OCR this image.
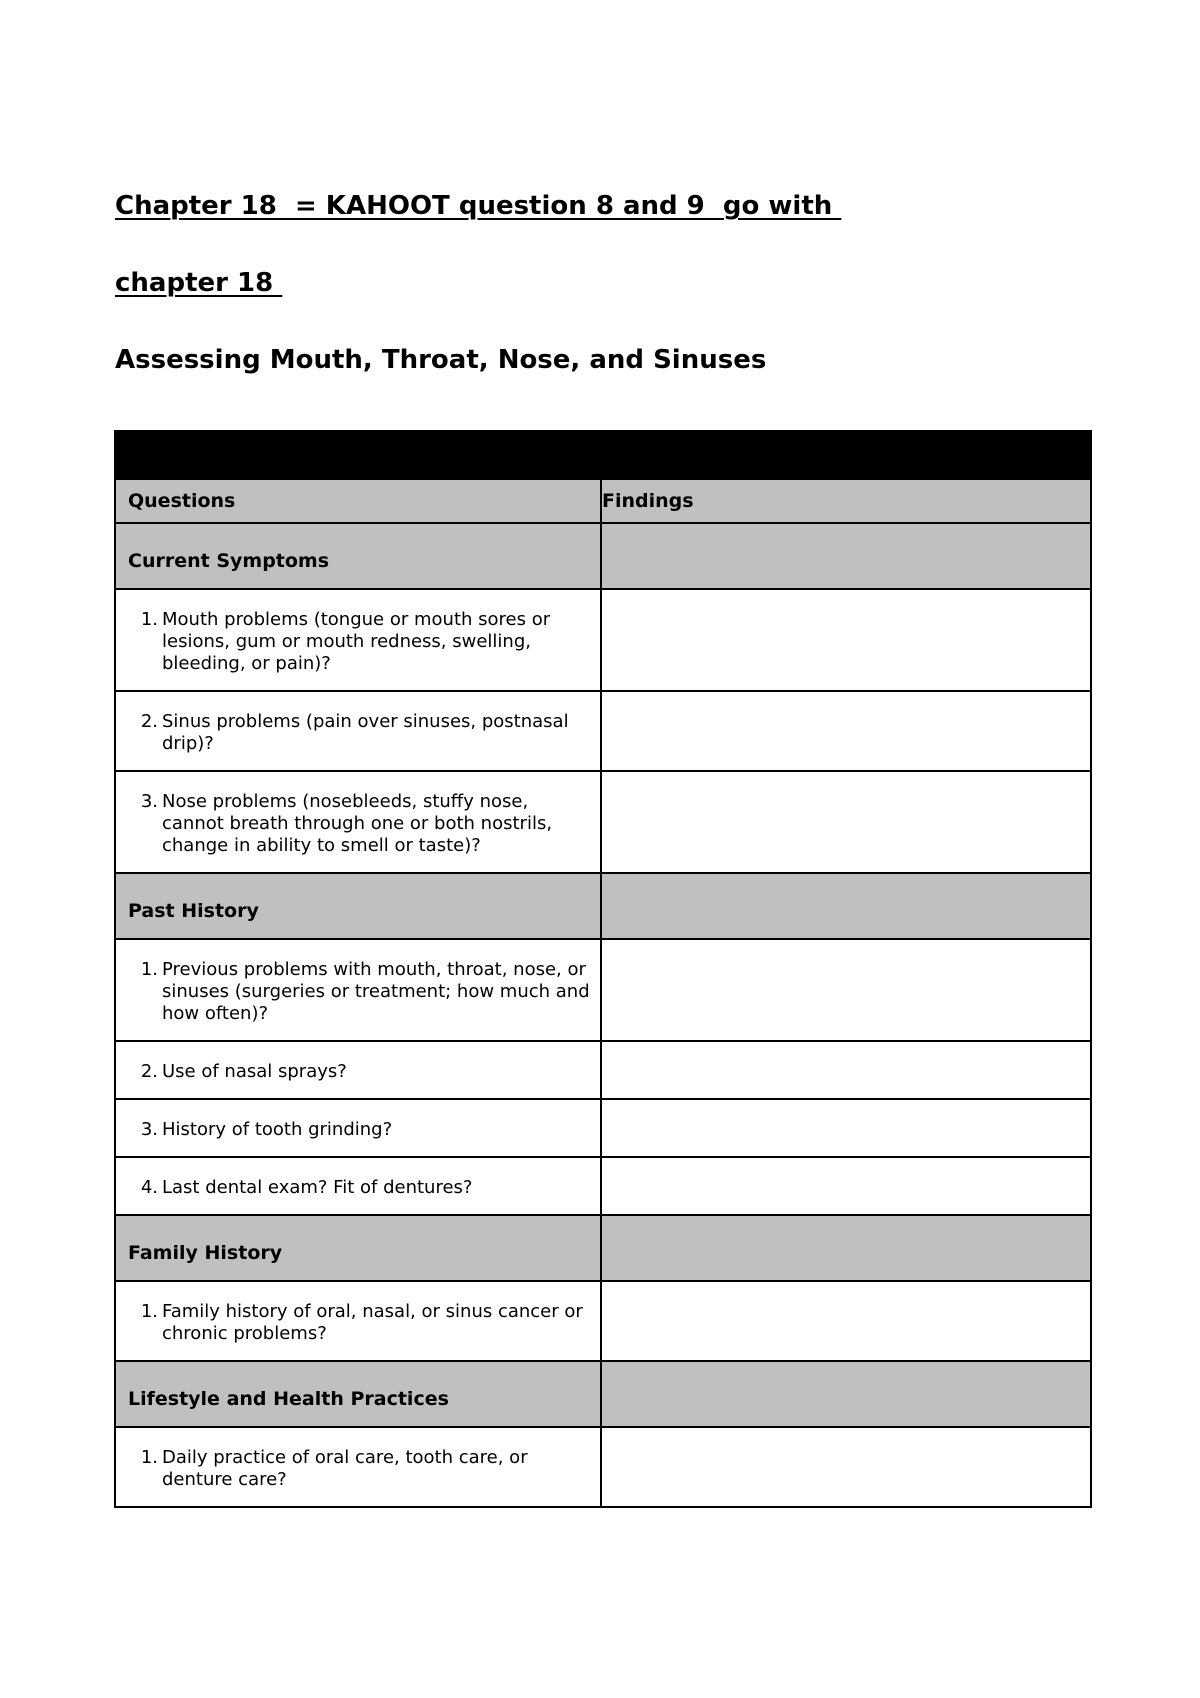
Chapter 18  = KAHOOT question 8 and 9  go with
chapter 18
Assessing Mouth, Throat, Nose, and Sinuses

Questions	Findings
Current Symptoms	

1. Mouth problems (tongue or mouth sores or lesions, gum or mouth redness, swelling, bleeding, or pain)?	

2. Sinus problems (pain over sinuses, postnasal drip)?	

3. Nose problems (nosebleeds, stuffy nose, cannot breath through one or both nostrils, change in ability to smell or taste)?	

Past History	

1. Previous problems with mouth, throat, nose, or sinuses (surgeries or treatment; how much and how often)?	

2. Use of nasal sprays?	

3. History of tooth grinding?	

4. Last dental exam? Fit of dentures?	

Family History	

1. Family history of oral, nasal, or sinus cancer or chronic problems?	

Lifestyle and Health Practices	

1. Daily practice of oral care, tooth care, or denture care?	
